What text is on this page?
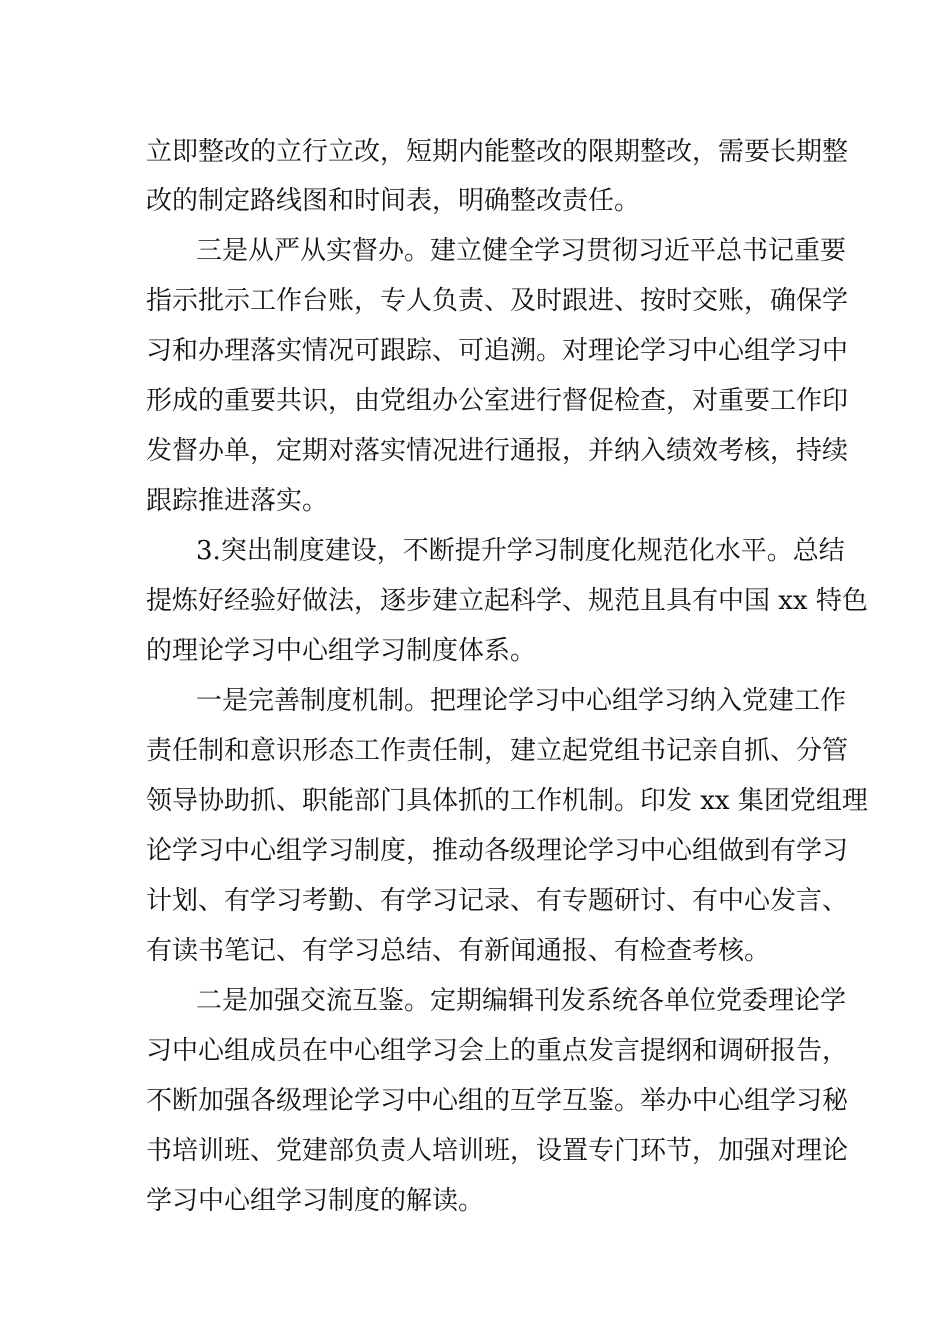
立即整改的立行立改，短期内能整改的限期整改，需要长期整
改的制定路线图和时间表，明确整改责任。
三是从严从实督办。建立健全学习贯彻习近平总书记重要
指示批示工作台账，专人负责、及时跟进、按时交账，确保学
习和办理落实情况可跟踪、可追溯。对理论学习中心组学习中
形成的重要共识，由党组办公室进行督促检查，对重要工作印
发督办单，定期对落实情况进行通报，并纳入绩效考核，持续
跟踪推进落实。
3.突出制度建设，不断提升学习制度化规范化水平。总结
提炼好经验好做法，逐步建立起科学、规范且具有中国 xx 特色
的理论学习中心组学习制度体系。
一是完善制度机制。把理论学习中心组学习纳入党建工作
责任制和意识形态工作责任制，建立起党组书记亲自抓、分管
领导协助抓、职能部门具体抓的工作机制。印发 xx 集团党组理
论学习中心组学习制度，推动各级理论学习中心组做到有学习
计划、有学习考勤、有学习记录、有专题研讨、有中心发言、
有读书笔记、有学习总结、有新闻通报、有检查考核。
二是加强交流互鉴。定期编辑刊发系统各单位党委理论学
习中心组成员在中心组学习会上的重点发言提纲和调研报告，
不断加强各级理论学习中心组的互学互鉴。举办中心组学习秘
书培训班、党建部负责人培训班，设置专门环节，加强对理论
学习中心组学习制度的解读。
